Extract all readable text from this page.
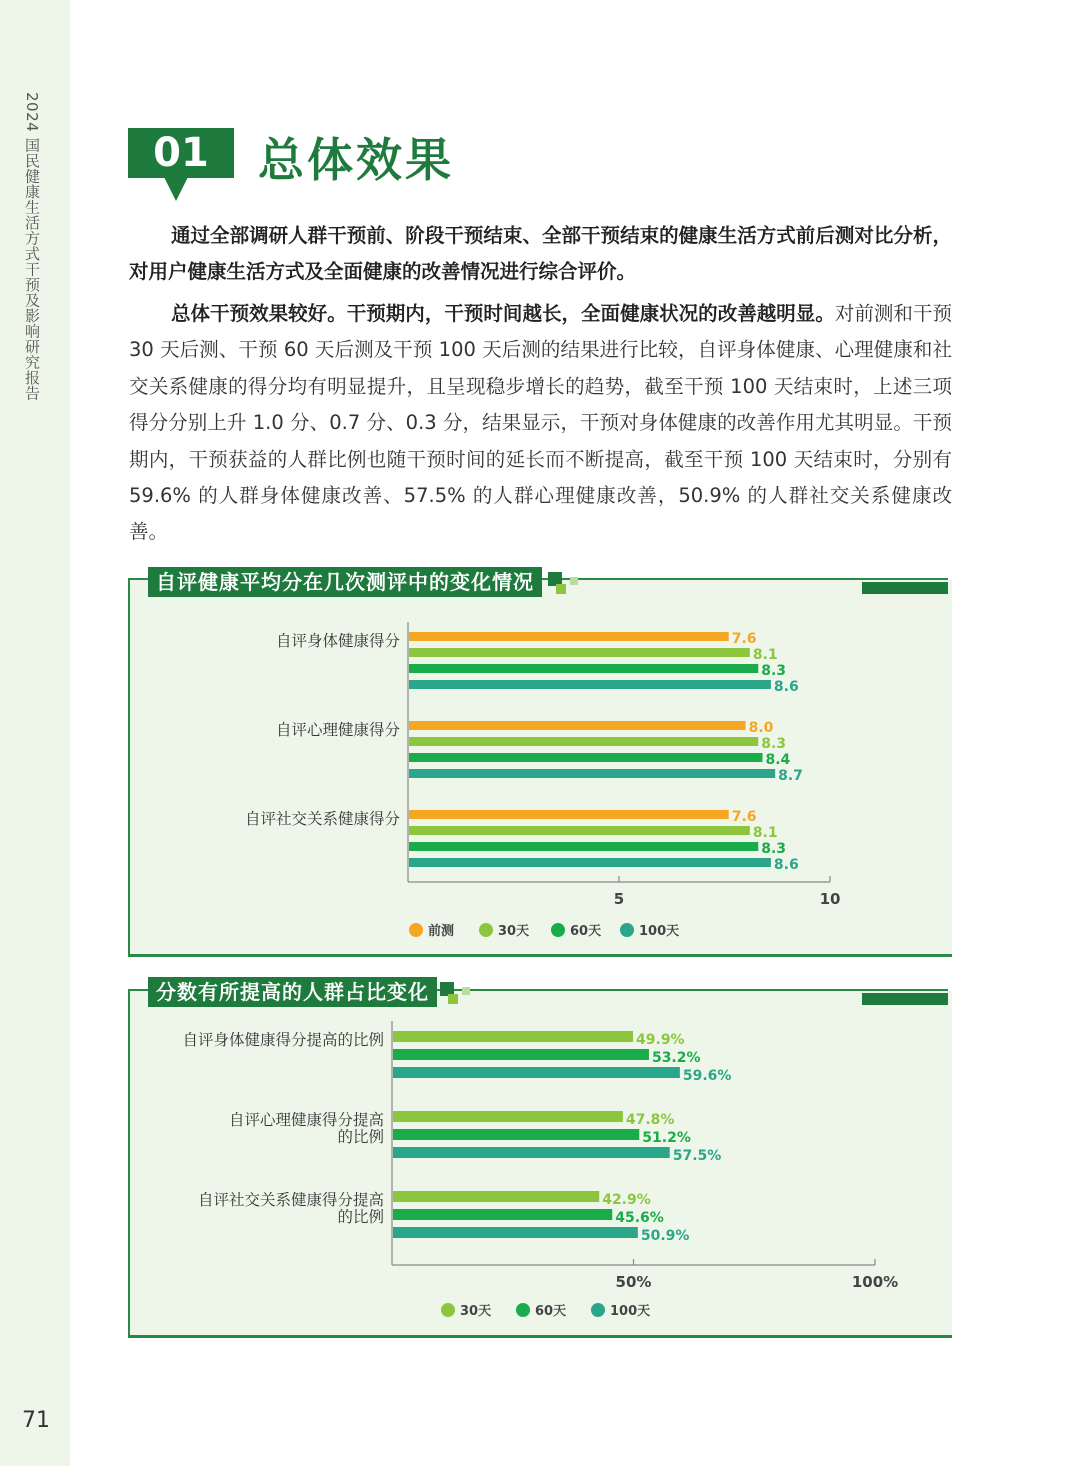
2024 国民健康生活方式干预及影响研究报告
71
01	总体效果

通过全部调研人群干预前、阶段干预结束、全部干预结束的健康生活方式前后测对比分析，对用户健康生活方式及全面健康的改善情况进行综合评价。

总体干预效果较好。干预期内，干预时间越长，全面健康状况的改善越明显。对前测和干预 30 天后测、干预 60 天后测及干预 100 天后测的结果进行比较，自评身体健康、心理健康和社交关系健康的得分均有明显提升，且呈现稳步增长的趋势，截至干预 100 天结束时，上述三项得分分别上升 1.0 分、0.7 分、0.3 分，结果显示，干预对身体健康的改善作用尤其明显。干预期内，干预获益的人群比例也随干预时间的延长而不断提高，截至干预 100 天结束时，分别有 59.6% 的人群身体健康改善、57.5% 的人群心理健康改善，50.9% 的人群社交关系健康改善。

自评健康平均分在几次测评中的变化情况
5	10
自评身体健康得分	7.6
8.1
8.3
8.6
自评心理健康得分	8.0
8.3
8.4
8.7
自评社交关系健康得分	7.6
8.1
8.3
8.6
前测	30天	60天	100天
分数有所提高的人群占比变化
50%	100%
自评身体健康得分提高的比例	49.9%
53.2%
59.6%
自评心理健康得分提高
的比例
47.8%
51.2%
57.5%
自评社交关系健康得分提高
的比例
42.9%
45.6%
50.9%
30天	60天	100天
